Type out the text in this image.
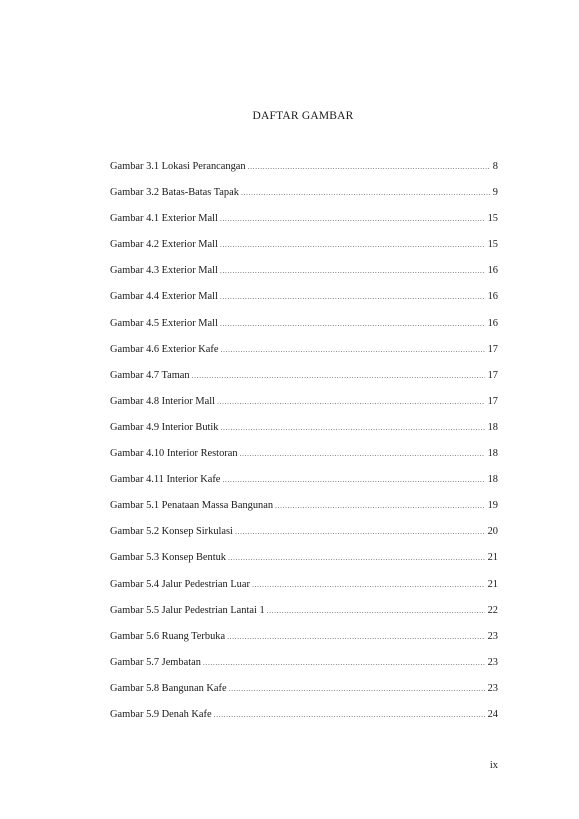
DAFTAR GAMBAR
Gambar 3.1 Lokasi Perancangan .....	8
Gambar 3.2 Batas-Batas Tapak .....	9
Gambar 4.1 Exterior Mall .....	15
Gambar 4.2 Exterior Mall .....	15
Gambar 4.3 Exterior Mall .....	16
Gambar 4.4 Exterior Mall .....	16
Gambar 4.5 Exterior Mall .....	16
Gambar 4.6 Exterior Kafe .....	17
Gambar 4.7 Taman .....	17
Gambar 4.8 Interior Mall .....	17
Gambar 4.9 Interior Butik .....	18
Gambar 4.10 Interior Restoran .....	18
Gambar 4.11 Interior Kafe .....	18
Gambar 5.1 Penataan Massa Bangunan .....	19
Gambar 5.2 Konsep Sirkulasi .....	20
Gambar 5.3 Konsep Bentuk .....	21
Gambar 5.4 Jalur Pedestrian Luar .....	21
Gambar 5.5 Jalur Pedestrian Lantai 1 .....	22
Gambar 5.6 Ruang Terbuka .....	23
Gambar 5.7 Jembatan .....	23
Gambar 5.8 Bangunan Kafe .....	23
Gambar 5.9 Denah Kafe .....	24
ix
